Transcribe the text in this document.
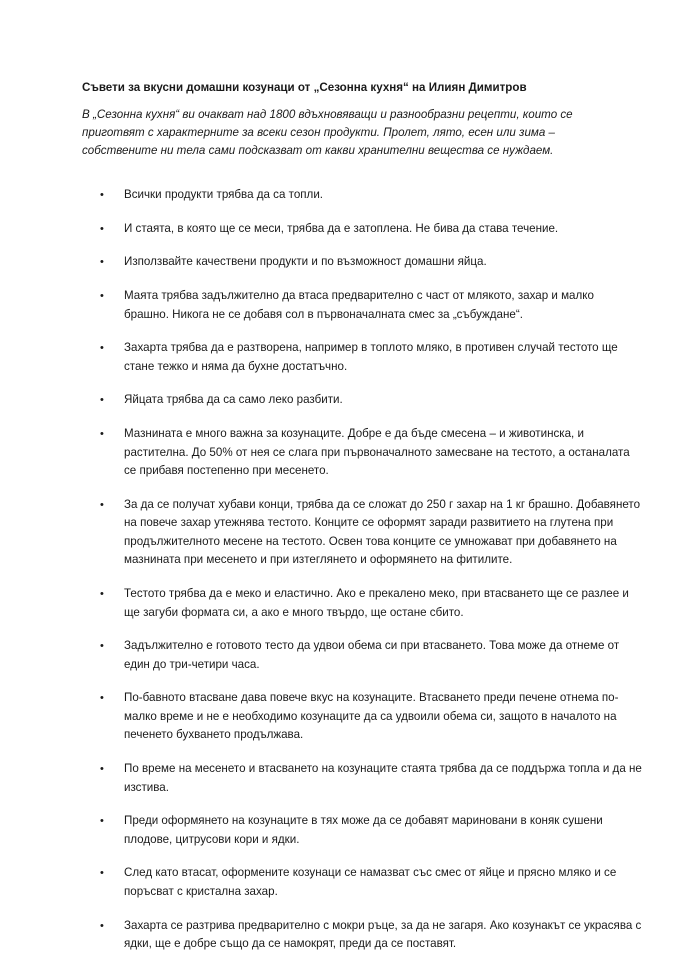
Съвети за вкусни домашни козунаци от „Сезонна кухня“ на Илиян Димитров

В „Сезонна кухня“ ви очакват над 1800 вдъхновяващи и разнообразни рецепти, които се приготвят с характерните за всеки сезон продукти. Пролет, лято, есен или зима – собствените ни тела сами подсказват от какви хранителни вещества се нуждаем.

• Всички продукти трябва да са топли.
• И стаята, в която ще се меси, трябва да е затоплена. Не бива да става течение.
• Използвайте качествени продукти и по възможност домашни яйца.
• Маята трябва задължително да втаса предварително с част от млякото, захар и малко брашно. Никога не се добавя сол в първоначалната смес за „събуждане“.
• Захарта трябва да е разтворена, например в топлото мляко, в противен случай тестото ще стане тежко и няма да бухне достатъчно.
• Яйцата трябва да са само леко разбити.
• Мазнината е много важна за козунаците. Добре е да бъде смесена – и животинска, и растителна. До 50% от нея се слага при първоначалното замесване на тестото, а останалата се прибавя постепенно при месенето.
• За да се получат хубави конци, трябва да се сложат до 250 г захар на 1 кг брашно. Добавянето на повече захар утежнява тестото. Конците се оформят заради развитието на глутена при продължителното месене на тестото. Освен това конците се умножават при добавянето на мазнината при месенето и при изтеглянето и оформянето на фитилите.
• Тестото трябва да е меко и еластично. Ако е прекалено меко, при втасването ще се разлее и ще загуби формата си, а ако е много твърдо, ще остане сбито.
• Задължително е готовото тесто да удвои обема си при втасването. Това може да отнеме от един до три-четири часа.
• По-бавното втасване дава повече вкус на козунаците. Втасването преди печене отнема по-малко време и не е необходимо козунаците да са удвоили обема си, защото в началото на печенето бухването продължава.
• По време на месенето и втасването на козунаците стаята трябва да се поддържа топла и да не изстива.
• Преди оформянето на козунаците в тях може да се добавят мариновани в коняк сушени плодове, цитрусови кори и ядки.
• След като втасат, оформените козунаци се намазват със смес от яйце и прясно мляко и се поръсват с кристална захар.
• Захарта се разтрива предварително с мокри ръце, за да не загаря. Ако козунакът се украсява с ядки, ще е добре също да се намокрят, преди да се поставят.
